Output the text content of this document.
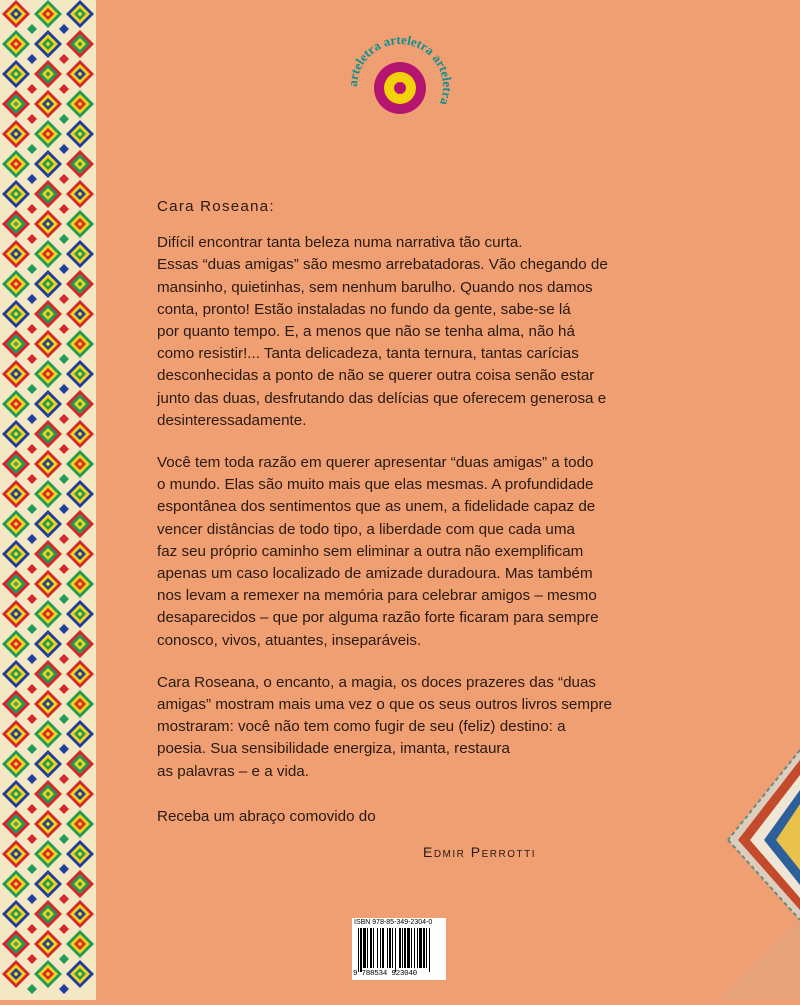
arteletra arteletra arteletra

Cara Roseana:

Difícil encontrar tanta beleza numa narrativa tão curta.
Essas “duas amigas” são mesmo arrebatadoras. Vão chegando de
mansinho, quietinhas, sem nenhum barulho. Quando nos damos
conta, pronto! Estão instaladas no fundo da gente, sabe-se lá
por quanto tempo. E, a menos que não se tenha alma, não há
como resistir!... Tanta delicadeza, tanta ternura, tantas carícias
desconhecidas a ponto de não se querer outra coisa senão estar
junto das duas, desfrutando das delícias que oferecem generosa e
desinteressadamente.
Você tem toda razão em querer apresentar “duas amigas” a todo
o mundo. Elas são muito mais que elas mesmas. A profundidade
espontânea dos sentimentos que as unem, a fidelidade capaz de
vencer distâncias de todo tipo, a liberdade com que cada uma
faz seu próprio caminho sem eliminar a outra não exemplificam
apenas um caso localizado de amizade duradoura. Mas também
nos levam a remexer na memória para celebrar amigos – mesmo
desaparecidos – que por alguma razão forte ficaram para sempre
conosco, vivos, atuantes, inseparáveis.
Cara Roseana, o encanto, a magia, os doces prazeres das “duas
amigas” mostram mais uma vez o que os seus outros livros sempre
mostraram: você não tem como fugir de seu (feliz) destino: a
poesia. Sua sensibilidade energiza, imanta, restaura
as palavras – e a vida.
Receba um abraço comovido do
Edmir Perrotti
ISBN 978-85-349-2304-0
9 788534 923040
